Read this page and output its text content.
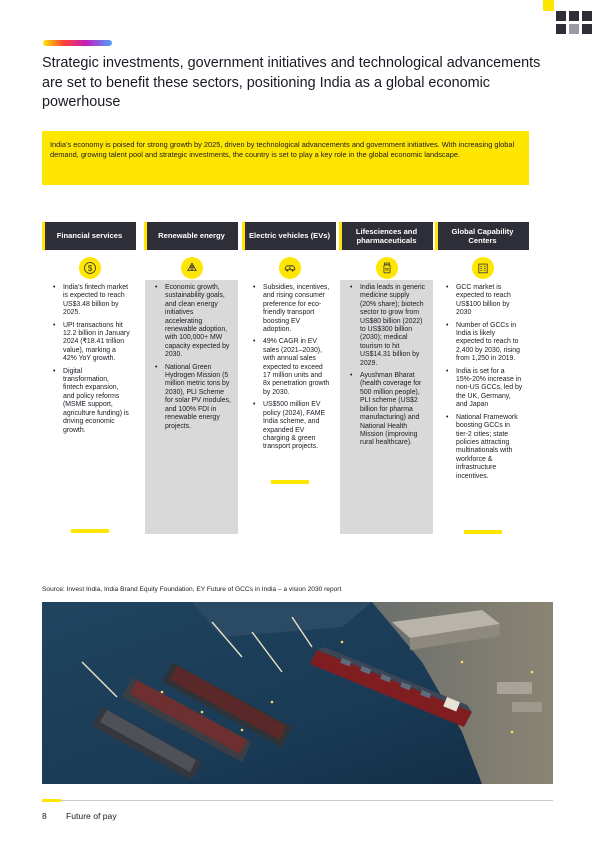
Strategic investments, government initiatives and technological advancements are set to benefit these sectors, positioning India as a global economic powerhouse
India’s economy is poised for strong growth by 2025, driven by technological advancements and government initiatives. With increasing global demand, growing talent pool and strategic investments, the country is set to play a key role in the global economic landscape.
Financial services
$
• India’s fintech market is expected to reach US$3.48 billion by 2025.
• UPI transactions hit 12.2 billion in January 2024 (₹18.41 trillion value), marking a 42% YoY growth.
• Digital transformation, fintech expansion, and policy reforms (MSME support, agriculture funding) is driving economic growth.
Renewable energy
• Economic growth, sustainability goals, and clean energy initiatives accelerating renewable adoption, with 100,000+ MW capacity expected by 2030.
• National Green Hydrogen Mission (5 million metric tons by 2030), PLI Scheme for solar PV modules, and 100% FDI in renewable energy projects.
Electric vehicles (EVs)
• Subsidies, incentives, and rising consumer preference for eco-friendly transport boosting EV adoption.
• 49% CAGR in EV sales (2021–2030), with annual sales expected to exceed 17 million units and 8x penetration growth by 2030.
• US$500 million EV policy (2024), FAME India scheme, and expanded EV charging & green transport projects.
Lifesciences and pharmaceuticals
• India leads in generic medicine supply (20% share); biotech sector to grow from US$80 billion (2022) to US$300 billion (2030); medical tourism to hit US$14.31 billion by 2029.
• Ayushman Bharat (health coverage for 500 million people), PLI scheme (US$2 billion for pharma manufacturing) and National Health Mission (improving rural healthcare).
Global Capability Centers
• GCC market is expected to reach US$100 billion by 2030
• Number of GCCs in India is likely expected to reach to 2,400 by 2030, rising from 1,250 in 2019.
• India is set for a 15%-20% increase in non-US GCCs, led by the UK, Germany, and Japan
• National Framework boosting GCCs in tier-2 cities; state policies attracting multinationals with workforce & infrastructure incentives.
Source: Invest India, India Brand Equity Foundation, EY Future of GCCs in India – a vision 2030 report
8 Future of pay
